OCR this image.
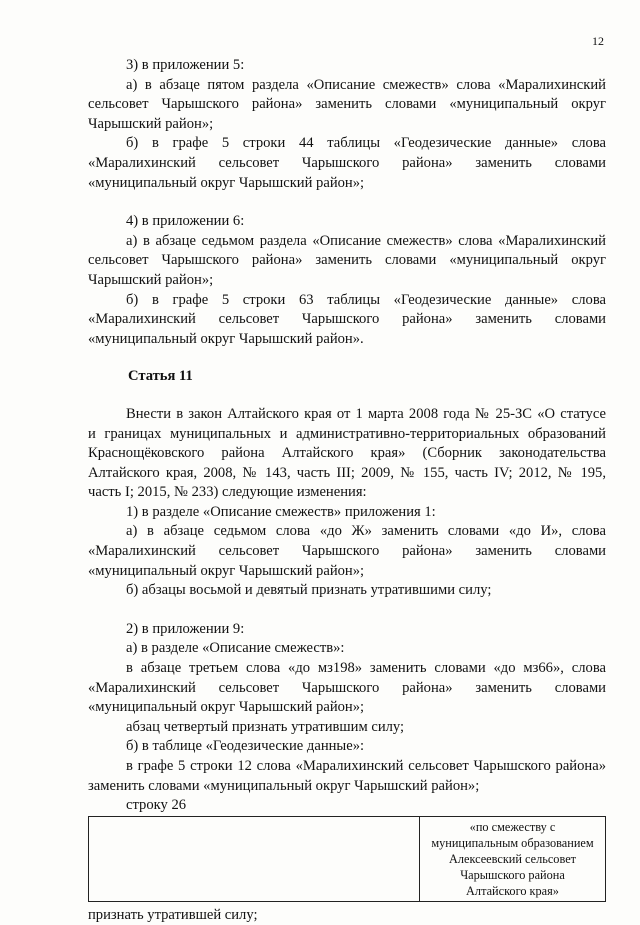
12

3) в приложении 5:

а) в абзаце пятом раздела «Описание смежеств» слова «Маралихинский

сельсовет Чарышского района» заменить словами «муниципальный округ

Чарышский район»;

б) в графе 5 строки 44 таблицы «Геодезические данные» слова

«Маралихинский сельсовет Чарышского района» заменить словами

«муниципальный округ Чарышский район»;

4) в приложении 6:

а) в абзаце седьмом раздела «Описание смежеств» слова «Маралихинский

сельсовет Чарышского района» заменить словами «муниципальный округ

Чарышский район»;

б) в графе 5 строки 63 таблицы «Геодезические данные» слова

«Маралихинский сельсовет Чарышского района» заменить словами

«муниципальный округ Чарышский район».

Статья 11

Внести в закон Алтайского края от 1 марта 2008 года № 25-ЗС «О статусе

и границах муниципальных и административно-территориальных образований

Краснощёковского района Алтайского края» (Сборник законодательства

Алтайского края, 2008, № 143, часть III; 2009, № 155, часть IV; 2012, № 195,

часть I; 2015, № 233) следующие изменения:

1) в разделе «Описание смежеств» приложения 1:

а) в абзаце седьмом слова «до Ж» заменить словами «до И», слова

«Маралихинский сельсовет Чарышского района» заменить словами

«муниципальный округ Чарышский район»;

б) абзацы восьмой и девятый признать утратившими силу;

2) в приложении 9:

а) в разделе «Описание смежеств»:

в абзаце третьем слова «до мз198» заменить словами «до мз66», слова

«Маралихинский сельсовет Чарышского района» заменить словами

«муниципальный округ Чарышский район»;

абзац четвертый признать утратившим силу;

б) в таблице «Геодезические данные»:

в графе 5 строки 12 слова «Маралихинский сельсовет Чарышского района»

заменить словами «муниципальный округ Чарышский район»;

строку 26

«по смежеству с
муниципальным образованием
Алексеевский сельсовет
Чарышского района
Алтайского края»

признать утратившей силу;
